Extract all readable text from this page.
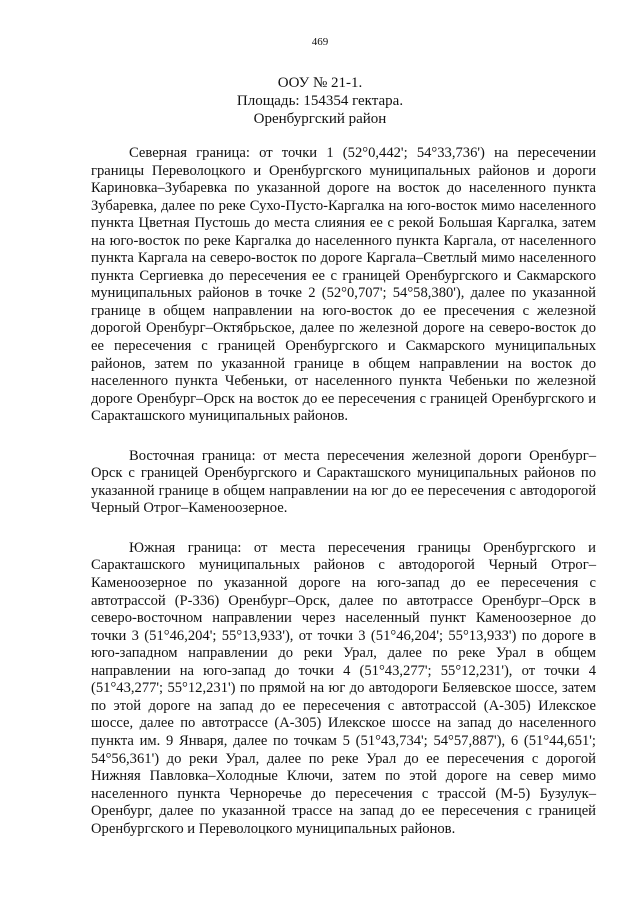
469
ООУ № 21-1.
Площадь: 154354 гектара.
Оренбургский район

Северная граница: от точки 1 (52°0,442'; 54°33,736') на пересечении границы Переволоцкого и Оренбургского муниципальных районов и дороги Кариновка–Зубаревка по указанной дороге на восток до населенного пункта Зубаревка, далее по реке Сухо-Пусто-Каргалка на юго-восток мимо населенного пункта Цветная Пустошь до места слияния ее с рекой Большая Каргалка, затем на юго-восток по реке Каргалка до населенного пункта Каргала, от населенного пункта Каргала на северо-восток по дороге Каргала–Светлый мимо населенного пункта Сергиевка до пересечения ее с границей Оренбургского и Сакмарского муниципальных районов в точке 2 (52°0,707'; 54°58,380'), далее по указанной границе в общем направлении на юго-восток до ее пресечения с железной дорогой Оренбург–Октябрьское, далее по железной дороге на северо-восток до ее пересечения с границей Оренбургского и Сакмарского муниципальных районов, затем по указанной границе в общем направлении на восток до населенного пункта Чебеньки, от населенного пункта Чебеньки по железной дороге Оренбург–Орск на восток до ее пересечения с границей Оренбургского и Саракташского муниципальных районов.

Восточная граница: от места пересечения железной дороги Оренбург–Орск с границей Оренбургского и Саракташского муниципальных районов по указанной границе в общем направлении на юг до ее пересечения с автодорогой Черный Отрог–Каменоозерное.

Южная граница: от места пересечения границы Оренбургского и Саракташского муниципальных районов с автодорогой Черный Отрог–Каменоозерное по указанной дороге на юго-запад до ее пересечения с автотрассой (Р-336) Оренбург–Орск, далее по автотрассе Оренбург–Орск в северо-восточном направлении через населенный пункт Каменоозерное до точки 3 (51°46,204'; 55°13,933'), от точки 3 (51°46,204'; 55°13,933') по дороге в юго-западном направлении до реки Урал, далее по реке Урал в общем направлении на юго-запад до точки 4 (51°43,277'; 55°12,231'), от точки 4 (51°43,277'; 55°12,231') по прямой на юг до автодороги Беляевское шоссе, затем по этой дороге на запад до ее пересечения с автотрассой (А-305) Илекское шоссе, далее по автотрассе (А-305) Илекское шоссе на запад до населенного пункта им. 9 Января, далее по точкам 5 (51°43,734'; 54°57,887'), 6 (51°44,651'; 54°56,361') до реки Урал, далее по реке Урал до ее пересечения с дорогой Нижняя Павловка–Холодные Ключи, затем по этой дороге на север мимо населенного пункта Черноречье до пересечения с трассой (М-5) Бузулук–Оренбург, далее по указанной трассе на запад до ее пересечения с границей Оренбургского и Переволоцкого муниципальных районов.
